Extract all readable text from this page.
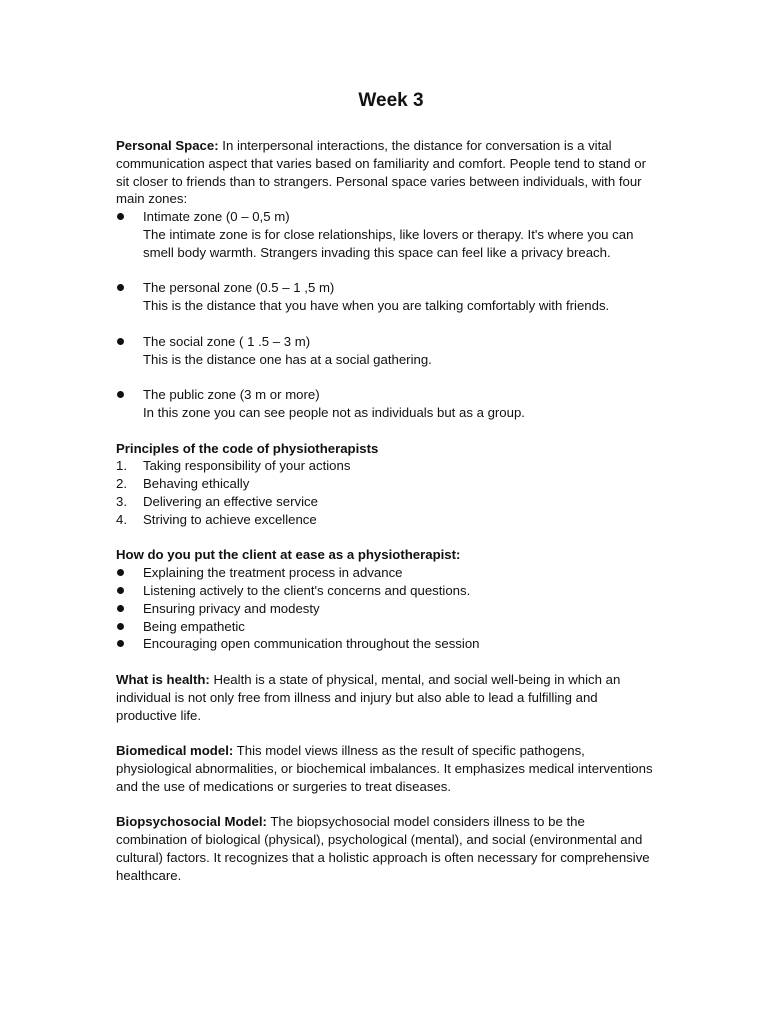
Week 3

Personal Space: In interpersonal interactions, the distance for conversation is a vital communication aspect that varies based on familiarity and comfort. People tend to stand or sit closer to friends than to strangers. Personal space varies between individuals, with four main zones:

Intimate zone (0 – 0,5 m)
The intimate zone is for close relationships, like lovers or therapy. It's where you can smell body warmth. Strangers invading this space can feel like a privacy breach.
The personal zone (0.5 – 1 ,5 m)
This is the distance that you have when you are talking comfortably with friends.
The social zone ( 1 .5 – 3 m)
This is the distance one has at a social gathering.
The public zone (3 m or more)
In this zone you can see people not as individuals but as a group.

Principles of the code of physiotherapists

1.	Taking responsibility of your actions
2.	Behaving ethically
3.	Delivering an effective service
4.	Striving to achieve excellence

How do you put the client at ease as a physiotherapist:

Explaining the treatment process in advance
Listening actively to the client's concerns and questions.
Ensuring privacy and modesty
Being empathetic
Encouraging open communication throughout the session

What is health: Health is a state of physical, mental, and social well-being in which an individual is not only free from illness and injury but also able to lead a fulfilling and productive life.

Biomedical model: This model views illness as the result of specific pathogens, physiological abnormalities, or biochemical imbalances. It emphasizes medical interventions and the use of medications or surgeries to treat diseases.

Biopsychosocial Model: The biopsychosocial model considers illness to be the combination of biological (physical), psychological (mental), and social (environmental and cultural) factors. It recognizes that a holistic approach is often necessary for comprehensive healthcare.
